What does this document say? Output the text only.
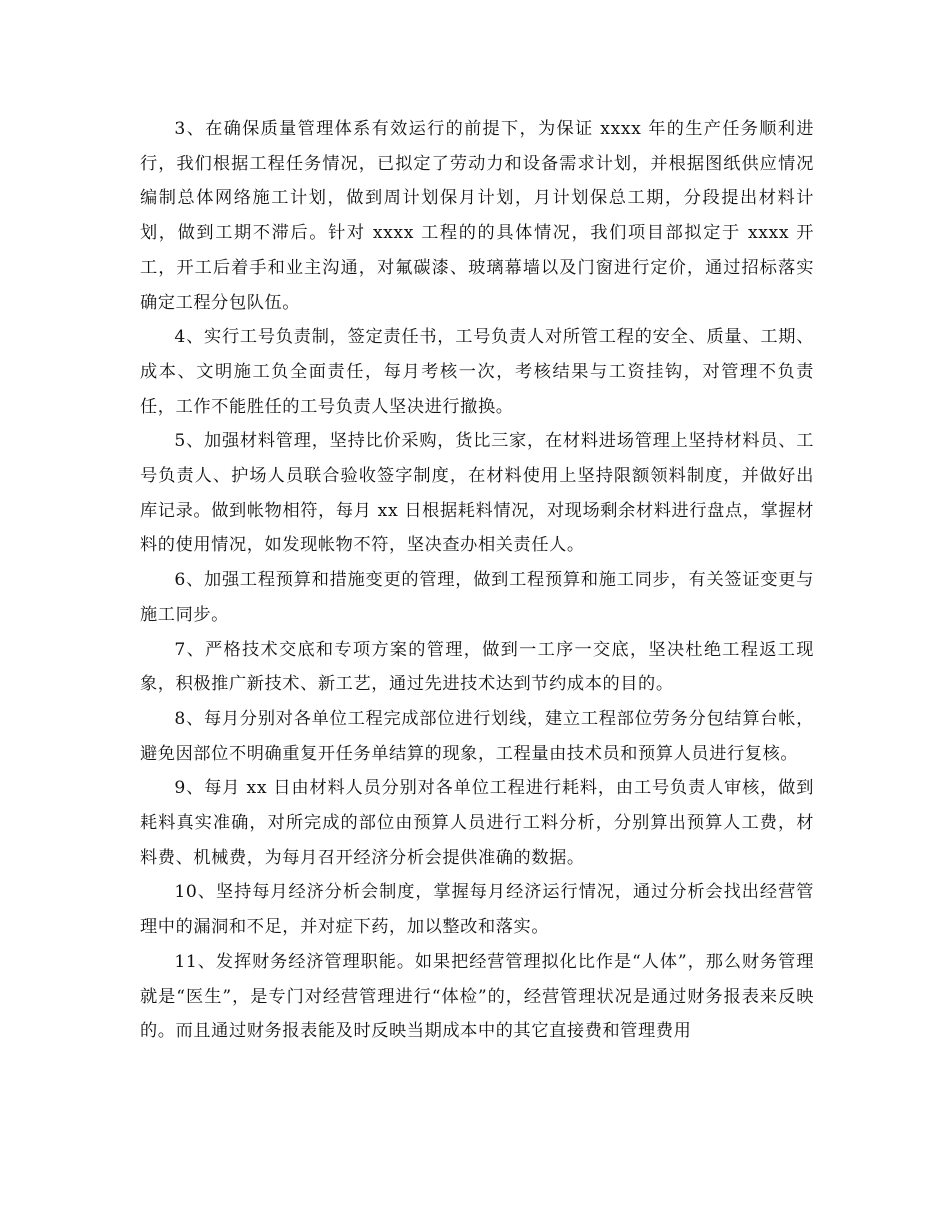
3、在确保质量管理体系有效运行的前提下，为保证 xxxx 年的生产任务顺利进行，我们根据工程任务情况，已拟定了劳动力和设备需求计划，并根据图纸供应情况编制总体网络施工计划，做到周计划保月计划，月计划保总工期，分段提出材料计划，做到工期不滞后。针对 xxxx 工程的的具体情况，我们项目部拟定于 xxxx 开工，开工后着手和业主沟通，对氟碳漆、玻璃幕墙以及门窗进行定价，通过招标落实确定工程分包队伍。

4、实行工号负责制，签定责任书，工号负责人对所管工程的安全、质量、工期、成本、文明施工负全面责任，每月考核一次，考核结果与工资挂钩，对管理不负责任，工作不能胜任的工号负责人坚决进行撤换。

5、加强材料管理，坚持比价采购，货比三家，在材料进场管理上坚持材料员、工号负责人、护场人员联合验收签字制度，在材料使用上坚持限额领料制度，并做好出库记录。做到帐物相符，每月 xx 日根据耗料情况，对现场剩余材料进行盘点，掌握材料的使用情况，如发现帐物不符，坚决查办相关责任人。

6、加强工程预算和措施变更的管理，做到工程预算和施工同步，有关签证变更与施工同步。

7、严格技术交底和专项方案的管理，做到一工序一交底，坚决杜绝工程返工现象，积极推广新技术、新工艺，通过先进技术达到节约成本的目的。

8、每月分别对各单位工程完成部位进行划线，建立工程部位劳务分包结算台帐，避免因部位不明确重复开任务单结算的现象，工程量由技术员和预算人员进行复核。

9、每月 xx 日由材料人员分别对各单位工程进行耗料，由工号负责人审核，做到耗料真实准确，对所完成的部位由预算人员进行工料分析，分别算出预算人工费，材料费、机械费，为每月召开经济分析会提供准确的数据。

10、坚持每月经济分析会制度，掌握每月经济运行情况，通过分析会找出经营管理中的漏洞和不足，并对症下药，加以整改和落实。

11、发挥财务经济管理职能。如果把经营管理拟化比作是“人体”，那么财务管理就是“医生”，是专门对经营管理进行“体检”的，经营管理状况是通过财务报表来反映的。而且通过财务报表能及时反映当期成本中的其它直接费和管理费用
